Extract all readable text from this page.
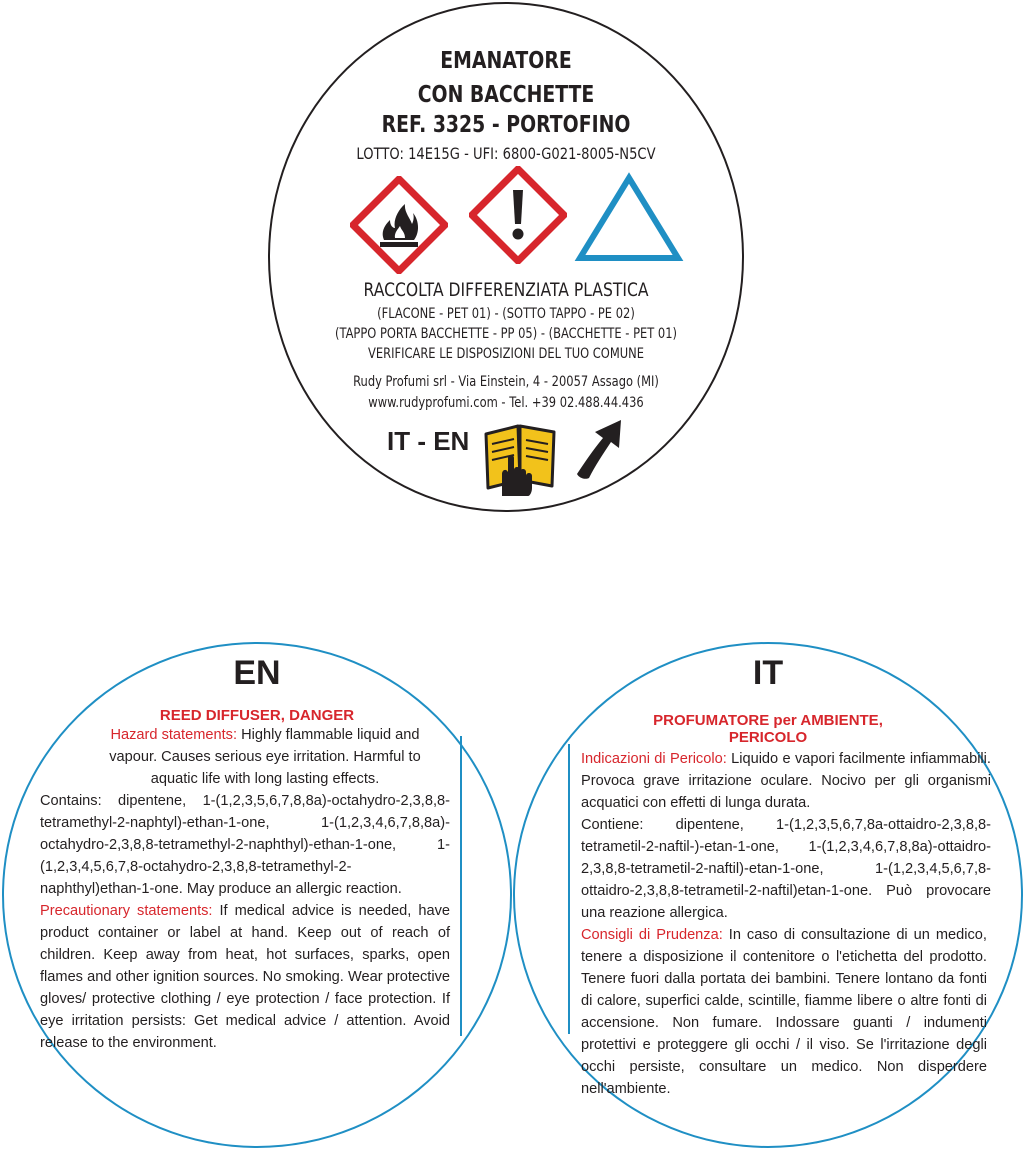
EMANATORE
CON BACCHETTE
REF. 3325 - PORTOFINO
LOTTO: 14E15G - UFI: 6800-G021-8005-N5CV
RACCOLTA DIFFERENZIATA PLASTICA
(FLACONE - PET 01) - (SOTTO TAPPO - PE 02)
(TAPPO PORTA BACCHETTE - PP 05) - (BACCHETTE - PET 01)
VERIFICARE LE DISPOSIZIONI DEL TUO COMUNE
Rudy Profumi srl - Via Einstein, 4 - 20057 Assago (MI)
www.rudyprofumi.com - Tel. +39 02.488.44.436
IT - EN
EN
REED DIFFUSER, DANGER

Hazard statements: Highly flammable liquid and vapour. Causes serious eye irritation. Harmful to aquatic life with long lasting effects.

Contains: dipentene, 1-(1,2,3,5,6,7,8,8a)-octahydro-2,3,8,8-tetramethyl-2-naphtyl)-ethan-1-one, 1-(1,2,3,4,6,7,8,8a)-octahydro-2,3,8,8-tetramethyl-2-naphthyl)-ethan-1-one, 1-(1,2,3,4,5,6,7,8-octahydro-2,3,8,8-tetramethyl-2-naphthyl)ethan-1-one. May produce an allergic reaction.

Precautionary statements: If medical advice is needed, have product container or label at hand. Keep out of reach of children. Keep away from heat, hot surfaces, sparks, open flames and other ignition sources. No smoking. Wear protective gloves/ protective clothing / eye protection / face protection. If eye irritation persists: Get medical advice / attention. Avoid release to the environment.

IT
PROFUMATORE per AMBIENTE,
PERICOLO

Indicazioni di Pericolo: Liquido e vapori facilmente infiammabili. Provoca grave irritazione oculare. Nocivo per gli organismi acquatici con effetti di lunga durata.

Contiene: dipentene, 1-(1,2,3,5,6,7,8a-ottaidro-2,3,8,8-tetrametil-2-naftil-)-etan-1-one, 1-(1,2,3,4,6,7,8,8a)-ottaidro-2,3,8,8-tetrametil-2-naftil)-etan-1-one, 1-(1,2,3,4,5,6,7,8-ottaidro-2,3,8,8-tetrametil-2-naftil)etan-1-one. Può provocare una reazione allergica.

Consigli di Prudenza: In caso di consultazione di un medico, tenere a disposizione il contenitore o l'etichetta del prodotto. Tenere fuori dalla portata dei bambini. Tenere lontano da fonti di calore, superfici calde, scintille, fiamme libere o altre fonti di accensione. Non fumare. Indossare guanti / indumenti protettivi e proteggere gli occhi / il viso. Se l'irritazione degli occhi persiste, consultare un medico. Non disperdere nell'ambiente.
